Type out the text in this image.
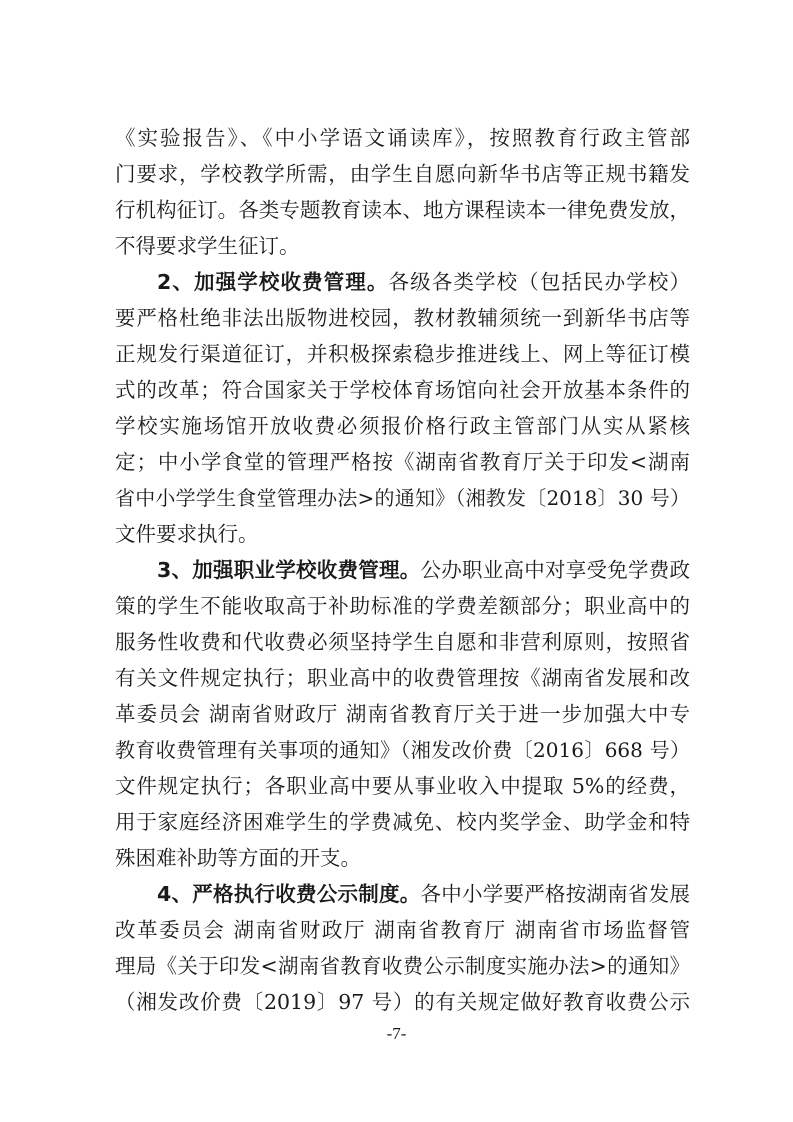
《实验报告》、《中小学语文诵读库》，按照教育行政主管部
门要求，学校教学所需，由学生自愿向新华书店等正规书籍发
行机构征订。各类专题教育读本、地方课程读本一律免费发放，
不得要求学生征订。
2、加强学校收费管理。各级各类学校（包括民办学校）
要严格杜绝非法出版物进校园，教材教辅须统一到新华书店等
正规发行渠道征订，并积极探索稳步推进线上、网上等征订模
式的改革；符合国家关于学校体育场馆向社会开放基本条件的
学校实施场馆开放收费必须报价格行政主管部门从实从紧核
定；中小学食堂的管理严格按《湖南省教育厅关于印发<湖南
省中小学学生食堂管理办法>的通知》（湘教发〔2018〕30 号）
文件要求执行。
3、加强职业学校收费管理。公办职业高中对享受免学费政
策的学生不能收取高于补助标准的学费差额部分；职业高中的
服务性收费和代收费必须坚持学生自愿和非营利原则，按照省
有关文件规定执行；职业高中的收费管理按《湖南省发展和改
革委员会 湖南省财政厅 湖南省教育厅关于进一步加强大中专
教育收费管理有关事项的通知》（湘发改价费〔2016〕668 号）
文件规定执行；各职业高中要从事业收入中提取 5%的经费，
用于家庭经济困难学生的学费减免、校内奖学金、助学金和特
殊困难补助等方面的开支。
4、严格执行收费公示制度。各中小学要严格按湖南省发展
改革委员会 湖南省财政厅 湖南省教育厅 湖南省市场监督管
理局《关于印发<湖南省教育收费公示制度实施办法>的通知》
（湘发改价费〔2019〕97 号）的有关规定做好教育收费公示
-7-
